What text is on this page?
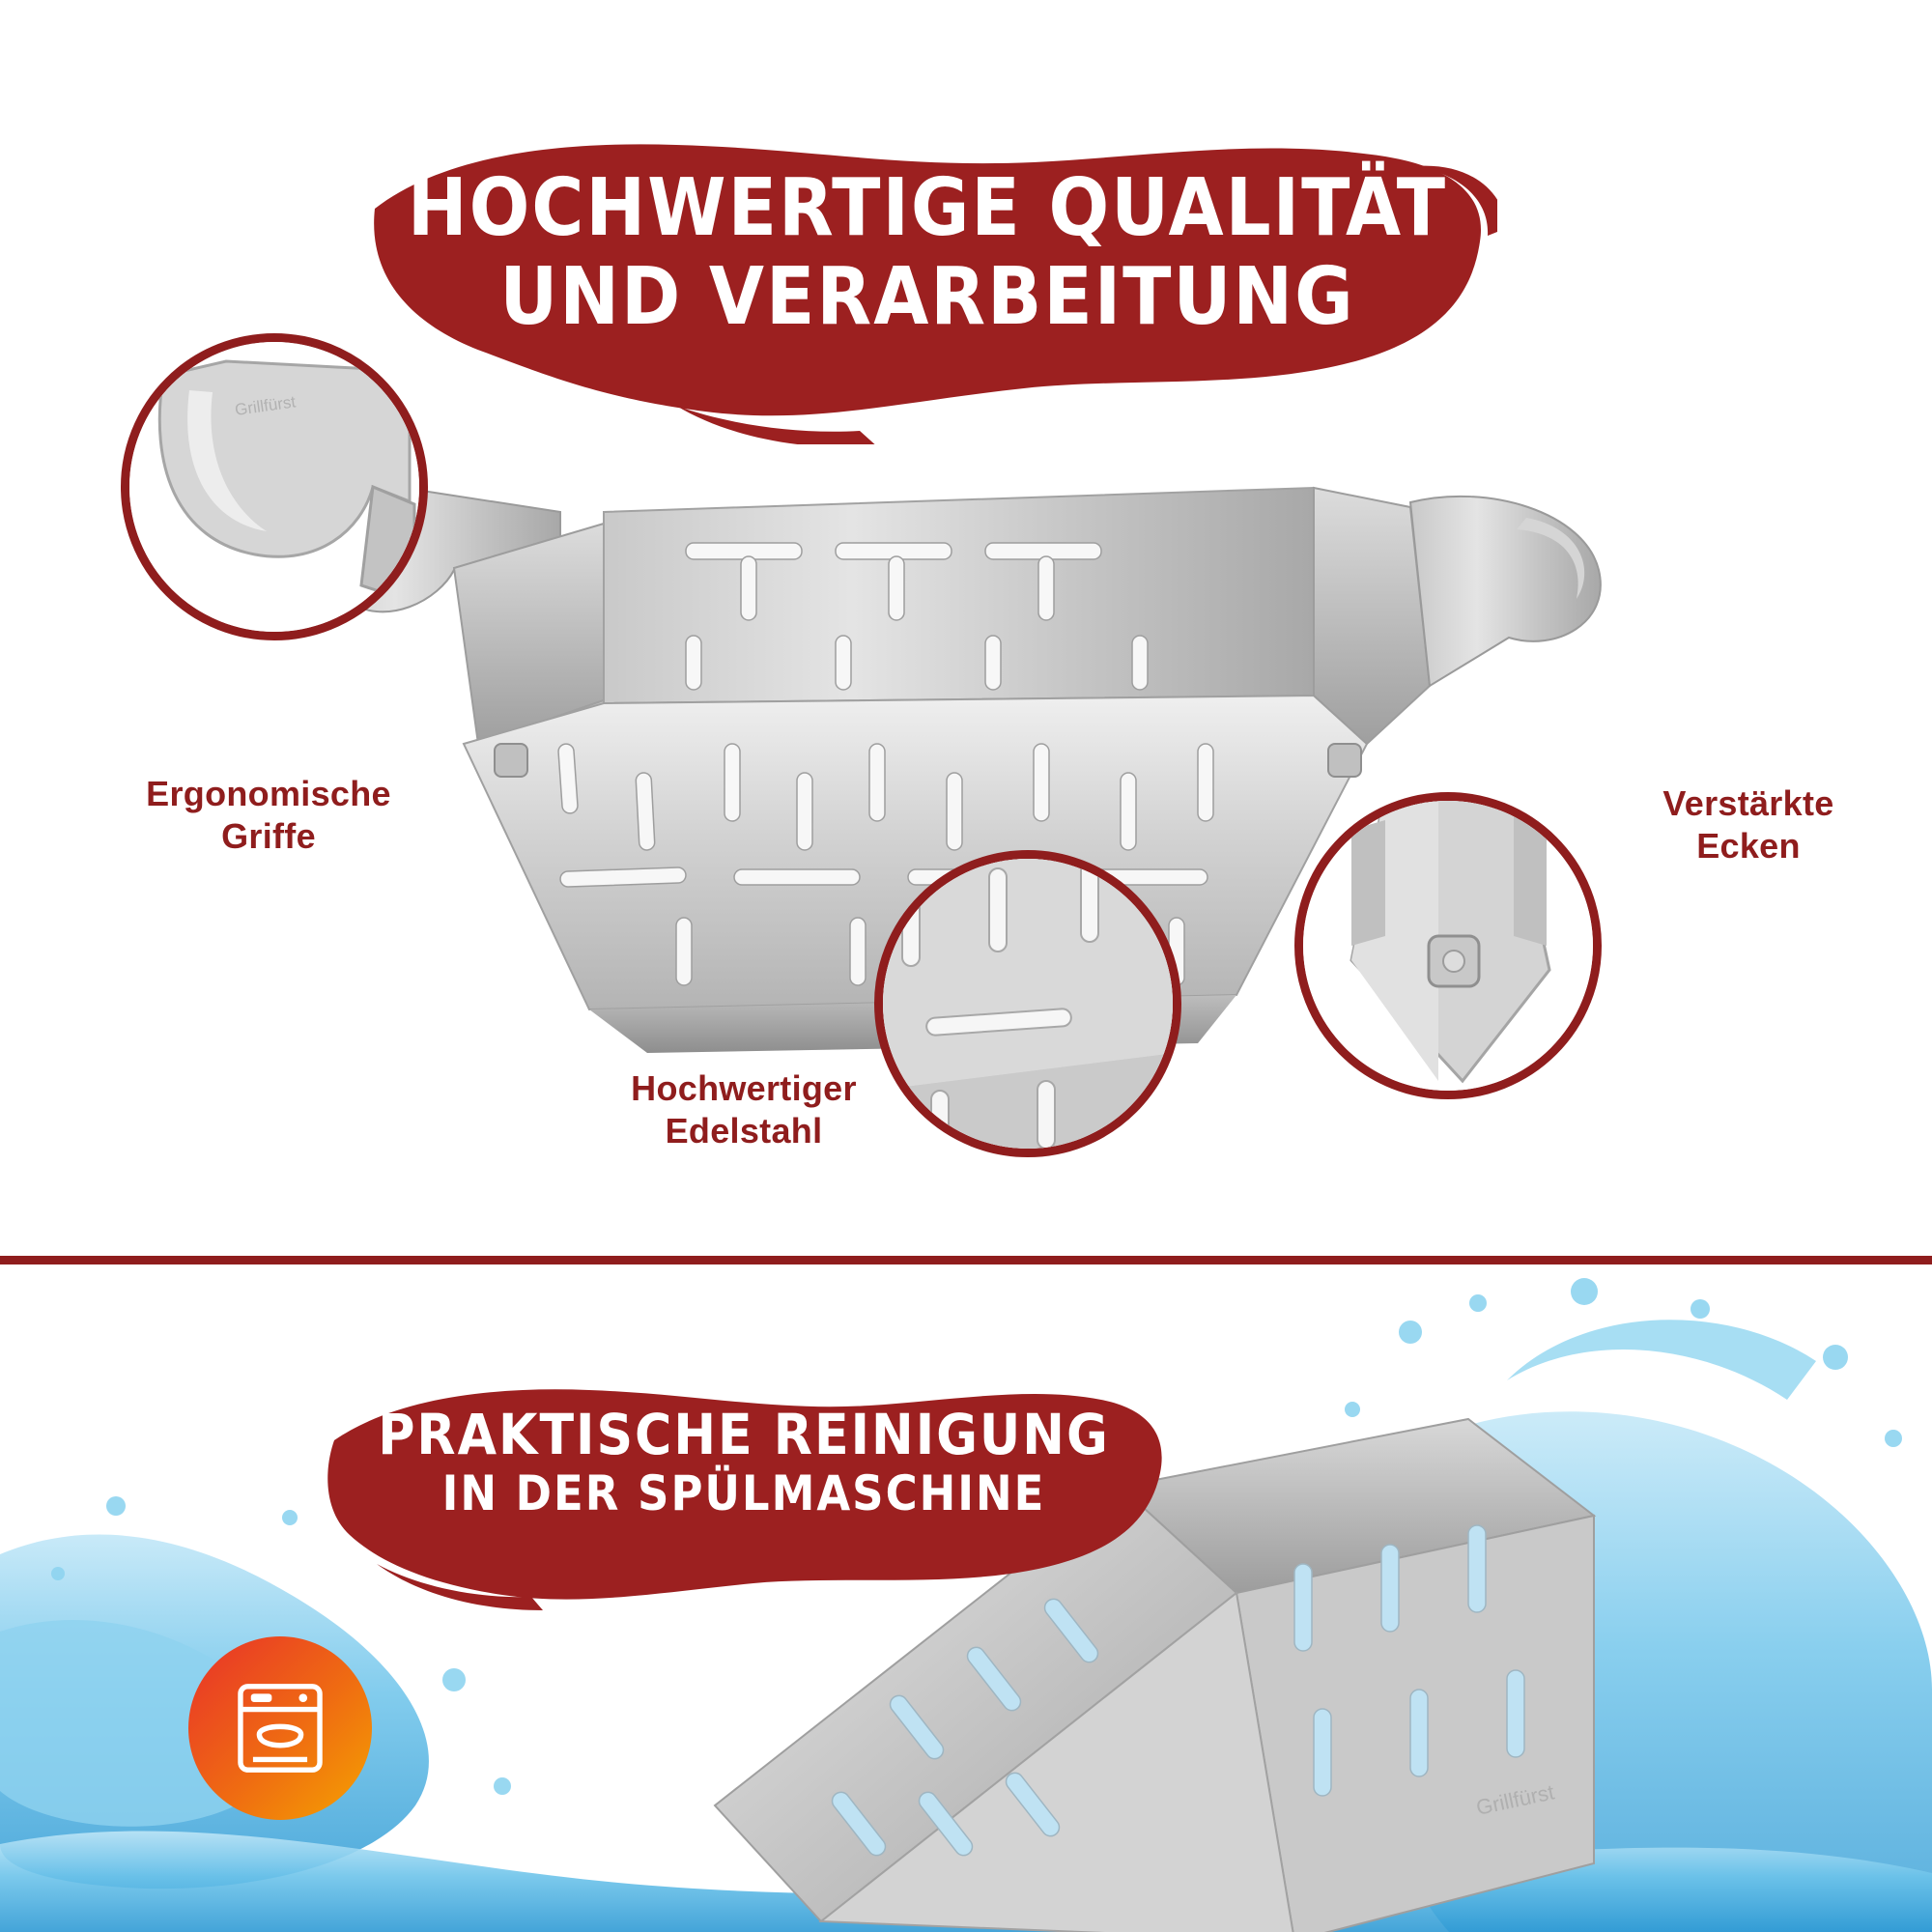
HOCHWERTIGE QUALITÄT
UND VERARBEITUNG
Grillfürst
Ergonomische
Griffe
Hochwertiger
Edelstahl
Verstärkte
Ecken
Grillfürst
PRAKTISCHE REINIGUNG
IN DER SPÜLMASCHINE
